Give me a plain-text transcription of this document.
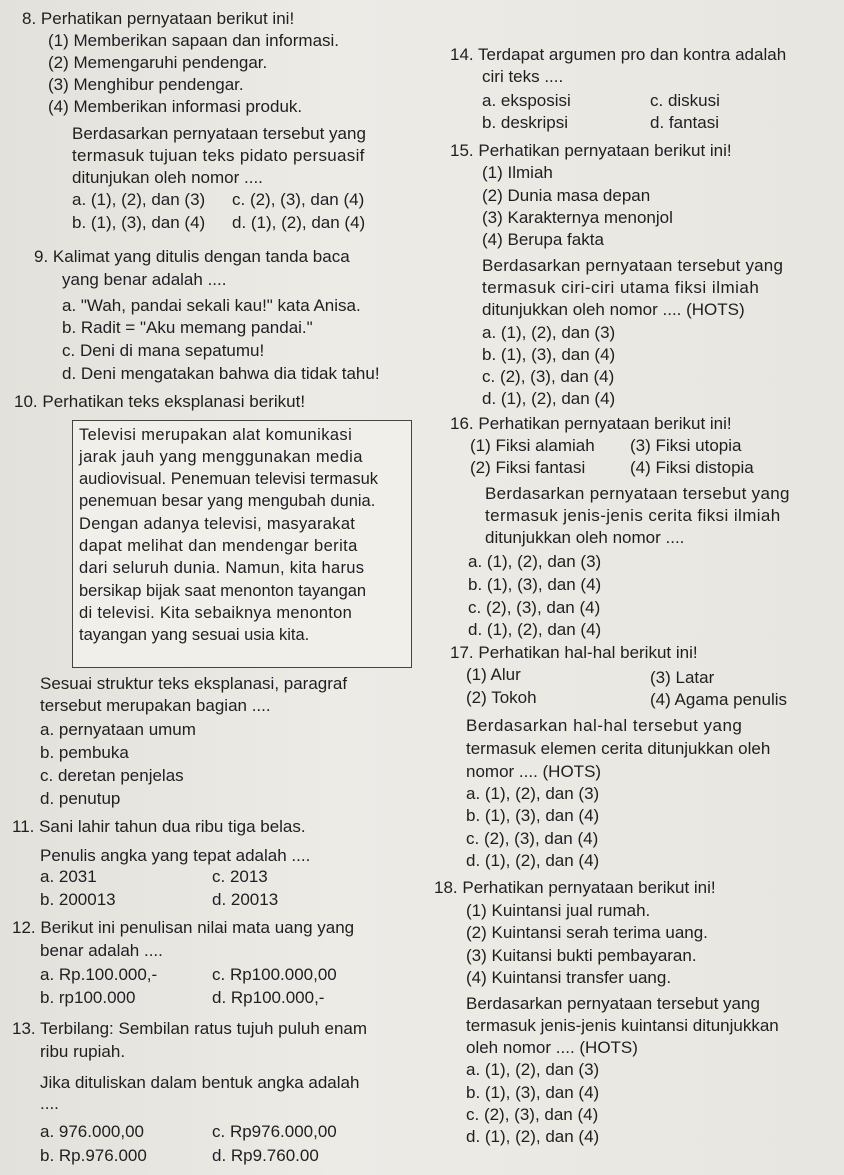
8. Perhatikan pernyataan berikut ini!
(1) Memberikan sapaan dan informasi.
(2) Memengaruhi pendengar.
(3) Menghibur pendengar.
(4) Memberikan informasi produk.
Berdasarkan pernyataan tersebut yang
termasuk tujuan teks pidato persuasif
ditunjukan oleh nomor ....
a. (1), (2), dan (3) c. (2), (3), dan (4)
b. (1), (3), dan (4) d. (1), (2), dan (4)
9. Kalimat yang ditulis dengan tanda baca
yang benar adalah ....
a. "Wah, pandai sekali kau!" kata Anisa.
b. Radit = "Aku memang pandai."
c. Deni di mana sepatumu!
d. Deni mengatakan bahwa dia tidak tahu!
10. Perhatikan teks eksplanasi berikut!
Televisi merupakan alat komunikasi
jarak jauh yang menggunakan media
audiovisual. Penemuan televisi termasuk
penemuan besar yang mengubah dunia.
Dengan adanya televisi, masyarakat
dapat melihat dan mendengar berita
dari seluruh dunia. Namun, kita harus
bersikap bijak saat menonton tayangan
di televisi. Kita sebaiknya menonton
tayangan yang sesuai usia kita.
Sesuai struktur teks eksplanasi, paragraf
tersebut merupakan bagian ....
a. pernyataan umum
b. pembuka
c. deretan penjelas
d. penutup
11. Sani lahir tahun dua ribu tiga belas.
Penulis angka yang tepat adalah ....
a. 2031	c. 2013
b. 200013	d. 20013
12. Berikut ini penulisan nilai mata uang yang
benar adalah ....
a. Rp.100.000,-	c. Rp100.000,00
b. rp100.000	d. Rp100.000,-
13. Terbilang: Sembilan ratus tujuh puluh enam
ribu rupiah.
Jika dituliskan dalam bentuk angka adalah
....
a. 976.000,00	c. Rp976.000,00
b. Rp.976.000	d. Rp9.760.00
14. Terdapat argumen pro dan kontra adalah
ciri teks ....
a. eksposisi	c. diskusi
b. deskripsi	d. fantasi
15. Perhatikan pernyataan berikut ini!
(1) Ilmiah
(2) Dunia masa depan
(3) Karakternya menonjol
(4) Berupa fakta
Berdasarkan pernyataan tersebut yang
termasuk ciri-ciri utama fiksi ilmiah
ditunjukkan oleh nomor .... (HOTS)
a. (1), (2), dan (3)
b. (1), (3), dan (4)
c. (2), (3), dan (4)
d. (1), (2), dan (4)
16. Perhatikan pernyataan berikut ini!
(1) Fiksi alamiah (3) Fiksi utopia
(2) Fiksi fantasi	(4) Fiksi distopia
Berdasarkan pernyataan tersebut yang
termasuk jenis-jenis cerita fiksi ilmiah
ditunjukkan oleh nomor ....
a. (1), (2), dan (3)
b. (1), (3), dan (4)
c. (2), (3), dan (4)
d. (1), (2), dan (4)
17. Perhatikan hal-hal berikut ini!
(1) Alur	(3) Latar
(2) Tokoh	(4) Agama penulis
Berdasarkan hal-hal tersebut yang
termasuk elemen cerita ditunjukkan oleh
nomor .... (HOTS)
a. (1), (2), dan (3)
b. (1), (3), dan (4)
c. (2), (3), dan (4)
d. (1), (2), dan (4)
18. Perhatikan pernyataan berikut ini!
(1) Kuintansi jual rumah.
(2) Kuintansi serah terima uang.
(3) Kuitansi bukti pembayaran.
(4) Kuintansi transfer uang.
Berdasarkan pernyataan tersebut yang
termasuk jenis-jenis kuintansi ditunjukkan
oleh nomor .... (HOTS)
a. (1), (2), dan (3)
b. (1), (3), dan (4)
c. (2), (3), dan (4)
d. (1), (2), dan (4)
